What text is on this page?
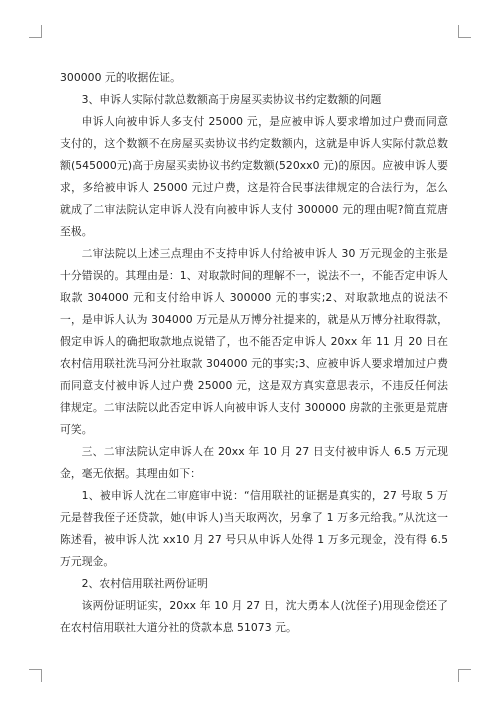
300000 元的收据佐证。

3、申诉人实际付款总数额高于房屋买卖协议书约定数额的问题

申诉人向被申诉人多支付 25000 元，是应被申诉人要求增加过户费而同意支付的，这个数额不在房屋买卖协议书约定数额内，这就是申诉人实际付款总数额(545000元)高于房屋买卖协议书约定数额(520xx0 元)的原因。应被申诉人要求，多给被申诉人 25000 元过户费，这是符合民事法律规定的合法行为，怎么就成了二审法院认定申诉人没有向被申诉人支付 300000 元的理由呢?简直荒唐至极。

二审法院以上述三点理由不支持申诉人付给被申诉人 30 万元现金的主张是十分错误的。其理由是：1、对取款时间的理解不一，说法不一，不能否定申诉人取款 304000 元和支付给申诉人 300000 元的事实;2、对取款地点的说法不一，是申诉人认为 304000 万元是从万博分社提来的，就是从万博分社取得款，假定申诉人的确把取款地点说错了，也不能否定申诉人 20xx 年 11 月 20 日在农村信用联社洗马河分社取款 304000 元的事实;3、应被申诉人要求增加过户费而同意支付被申诉人过户费 25000 元，这是双方真实意思表示，不违反任何法律规定。二审法院以此否定申诉人向被申诉人支付 300000 房款的主张更是荒唐可笑。

三、二审法院认定申诉人在 20xx 年 10 月 27 日支付被申诉人 6.5 万元现金，毫无依据。其理由如下：

1、被申诉人沈在二审庭审中说：“信用联社的证据是真实的，27 号取 5 万元是替我侄子还贷款，她(申诉人)当天取两次，另拿了 1 万多元给我。”从沈这一陈述看，被申诉人沈 xx10 月 27 号只从申诉人处得 1 万多元现金，没有得 6.5 万元现金。

2、农村信用联社两份证明

该两份证明证实，20xx 年 10 月 27 日，沈大勇本人(沈侄子)用现金偿还了在农村信用联社大道分社的贷款本息 51073 元。
